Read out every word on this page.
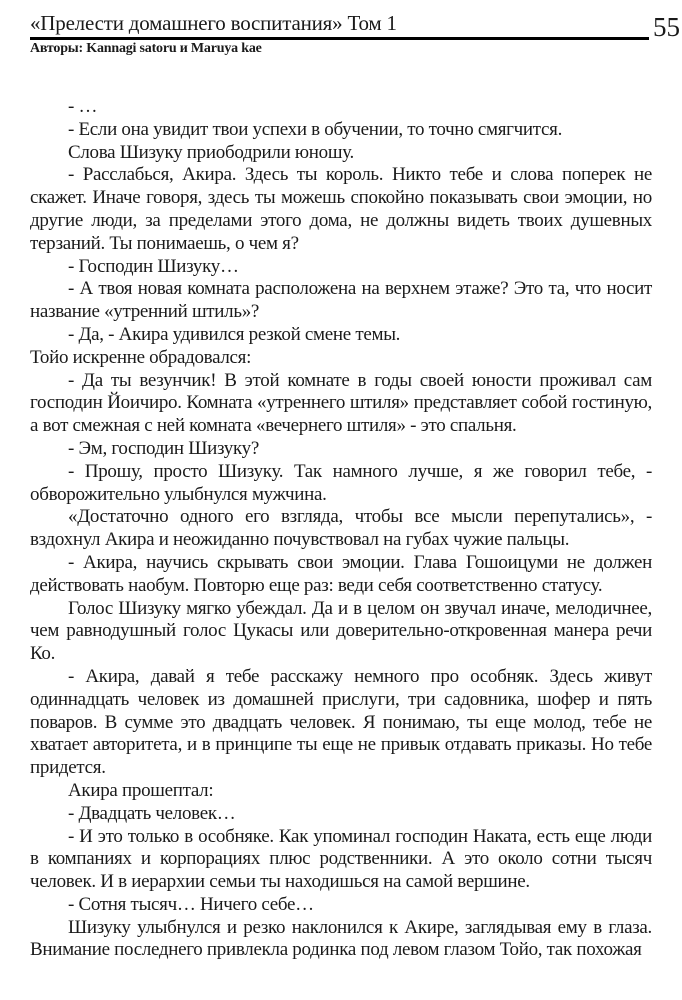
«Прелести домашнего воспитания» Том 1	55
Авторы: Kannagi satoru и Maruya kae

- …

- Если она увидит твои успехи в обучении, то точно смягчится.

Слова Шизуку приободрили юношу.

- Расслабься, Акира. Здесь ты король. Никто тебе и слова поперек не скажет. Иначе говоря, здесь ты можешь спокойно показывать свои эмоции, но другие люди, за пределами этого дома, не должны видеть твоих душевных терзаний. Ты понимаешь, о чем я?

- Господин Шизуку…

- А твоя новая комната расположена на верхнем этаже? Это та, что носит название «утренний штиль»?

- Да, - Акира удивился резкой смене темы.

Тойо искренне обрадовался:

- Да ты везунчик! В этой комнате в годы своей юности проживал сам господин Йоичиро. Комната «утреннего штиля» представляет собой гостиную, а вот смежная с ней комната «вечернего штиля» - это спальня.

- Эм, господин Шизуку?

- Прошу, просто Шизуку. Так намного лучше, я же говорил тебе, - обворожительно улыбнулся мужчина.

«Достаточно одного его взгляда, чтобы все мысли перепутались», - вздохнул Акира и неожиданно почувствовал на губах чужие пальцы.

- Акира, научись скрывать свои эмоции. Глава Гошоицуми не должен действовать наобум. Повторю еще раз: веди себя соответственно статусу.

Голос Шизуку мягко убеждал. Да и в целом он звучал иначе, мелодичнее, чем равнодушный голос Цукасы или доверительно-откровенная манера речи Ко.

- Акира, давай я тебе расскажу немного про особняк. Здесь живут одиннадцать человек из домашней прислуги, три садовника, шофер и пять поваров. В сумме это двадцать человек. Я понимаю, ты еще молод, тебе не хватает авторитета, и в принципе ты еще не привык отдавать приказы. Но тебе придется.

Акира прошептал:

- Двадцать человек…

- И это только в особняке. Как упоминал господин Наката, есть еще люди в компаниях и корпорациях плюс родственники. А это около сотни тысяч человек. И в иерархии семьи ты находишься на самой вершине.

- Сотня тысяч… Ничего себе…

Шизуку улыбнулся и резко наклонился к Акире, заглядывая ему в глаза. Внимание последнего привлекла родинка под левом глазом Тойо, так похожая
